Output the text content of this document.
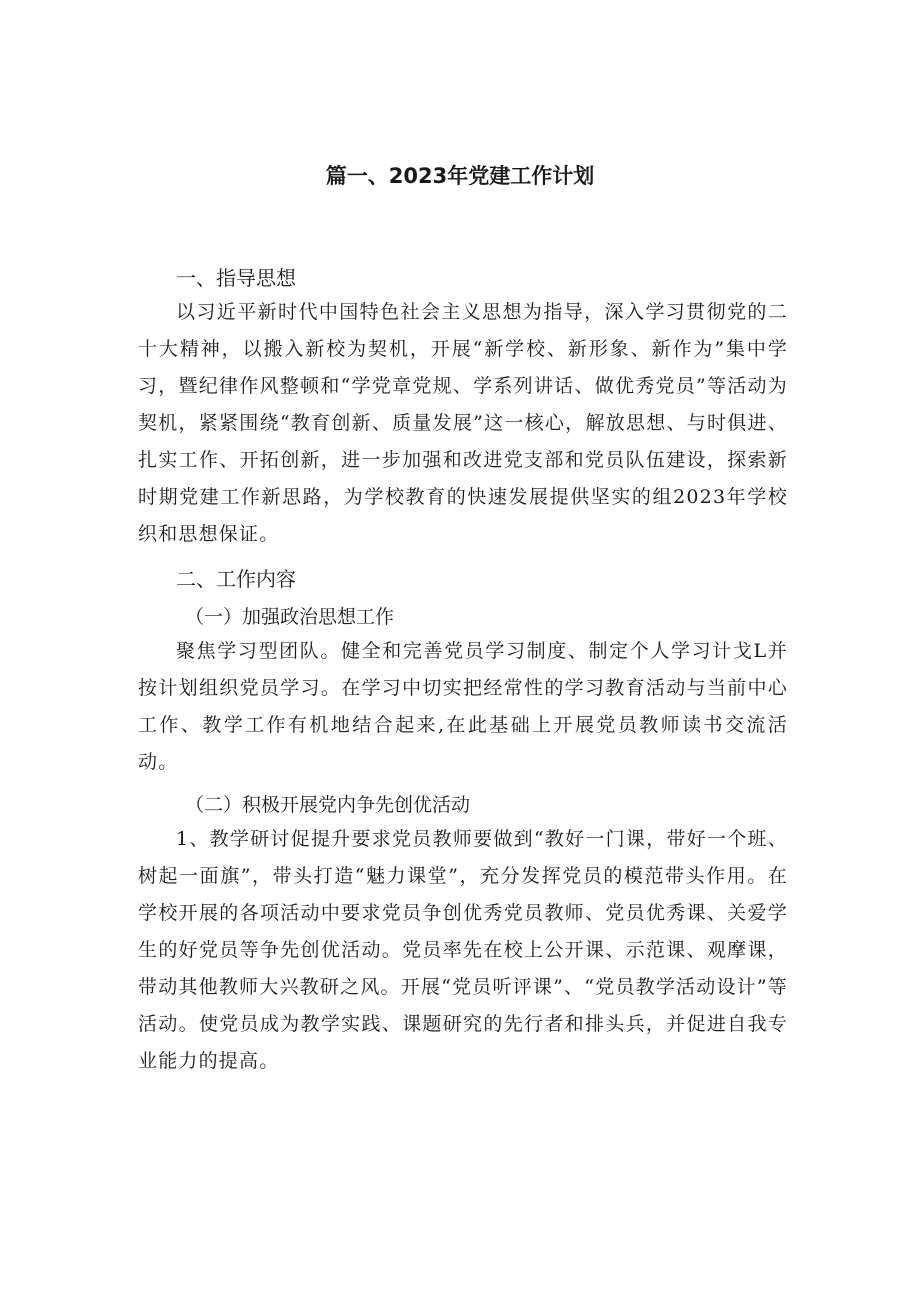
篇一、2023年党建工作计划
一、指导思想

以习近平新时代中国特色社会主义思想为指导，深入学习贯彻党的二十大精神，以搬入新校为契机，开展“新学校、新形象、新作为”集中学习，暨纪律作风整顿和“学党章党规、学系列讲话、做优秀党员”等活动为契机，紧紧围绕“教育创新、质量发展”这一核心，解放思想、与时俱进、扎实工作、开拓创新，进一步加强和改进党支部和党员队伍建设，探索新时期党建工作新思路，为学校教育的快速发展提供坚实的组2023年学校织和思想保证。

二、工作内容
（一）加强政治思想工作

聚焦学习型团队。健全和完善党员学习制度、制定个人学习计戈L并按计划组织党员学习。在学习中切实把经常性的学习教育活动与当前中心工作、教学工作有机地结合起来,在此基础上开展党员教师读书交流活动。

（二）积极开展党内争先创优活动

1、教学研讨促提升要求党员教师要做到“教好一门课，带好一个班、树起一面旗”，带头打造“魅力课堂”，充分发挥党员的模范带头作用。在学校开展的各项活动中要求党员争创优秀党员教师、党员优秀课、关爱学生的好党员等争先创优活动。党员率先在校上公开课、示范课、观摩课，带动其他教师大兴教研之风。开展“党员听评课”、“党员教学活动设计”等活动。使党员成为教学实践、课题研究的先行者和排头兵，并促进自我专业能力的提高。
